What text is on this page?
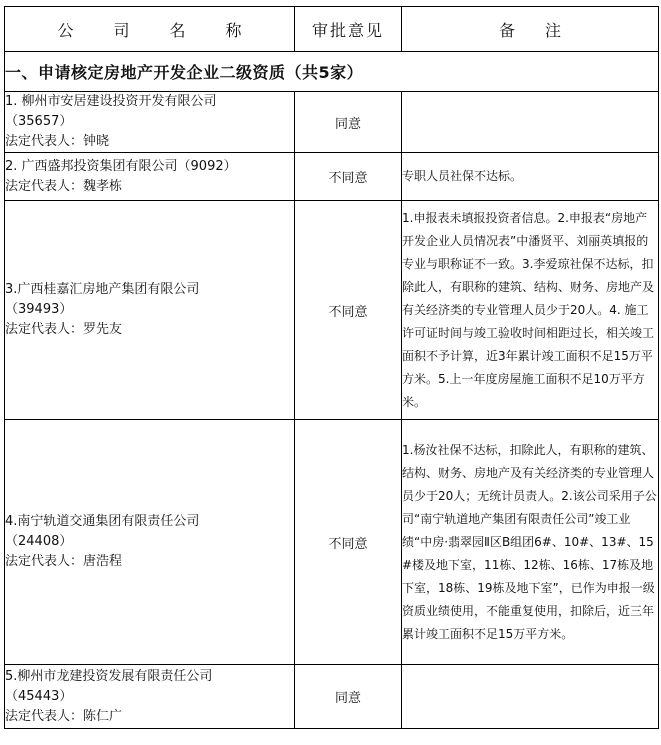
公司名称	审批意见	备注
一、申请核定房地产开发企业二级资质（共5家）		

1. 柳州市安居建设投资开发有限公司
（35657）
法定代表人：钟晓	同意	

2. 广西盛邦投资集团有限公司（9092）
法定代表人：魏孝栋	不同意	专职人员社保不达标。

3.广西桂嘉汇房地产集团有限公司
（39493）
法定代表人：罗先友	不同意	1.申报表未填报投资者信息。2.申报表“房地产开发企业人员情况表”中潘贤平、刘丽英填报的专业与职称证不一致。3.李爱琼社保不达标，扣除此人，有职称的建筑、结构、财务、房地产及有关经济类的专业管理人员少于20人。4. 施工许可证时间与竣工验收时间相距过长，相关竣工面积不予计算，近3年累计竣工面积不足15万平方米。5.上一年度房屋施工面积不足10万平方米。

4.南宁轨道交通集团有限责任公司
（24408）
法定代表人：唐浩程	不同意	1.杨汝社保不达标，扣除此人，有职称的建筑、结构、财务、房地产及有关经济类的专业管理人员少于20人；无统计员责人。2.该公司采用子公司“南宁轨道地产集团有限责任公司”竣工业绩“中房·翡翠园Ⅱ区B组团6#、10#、13#、15#楼及地下室，11栋、12栋、16栋、17栋及地下室，18栋、19栋及地下室”，已作为申报一级资质业绩使用，不能重复使用，扣除后，近三年累计竣工面积不足15万平方米。

5.柳州市龙建投资发展有限责任公司
（45443）
法定代表人：陈仁广	同意	
